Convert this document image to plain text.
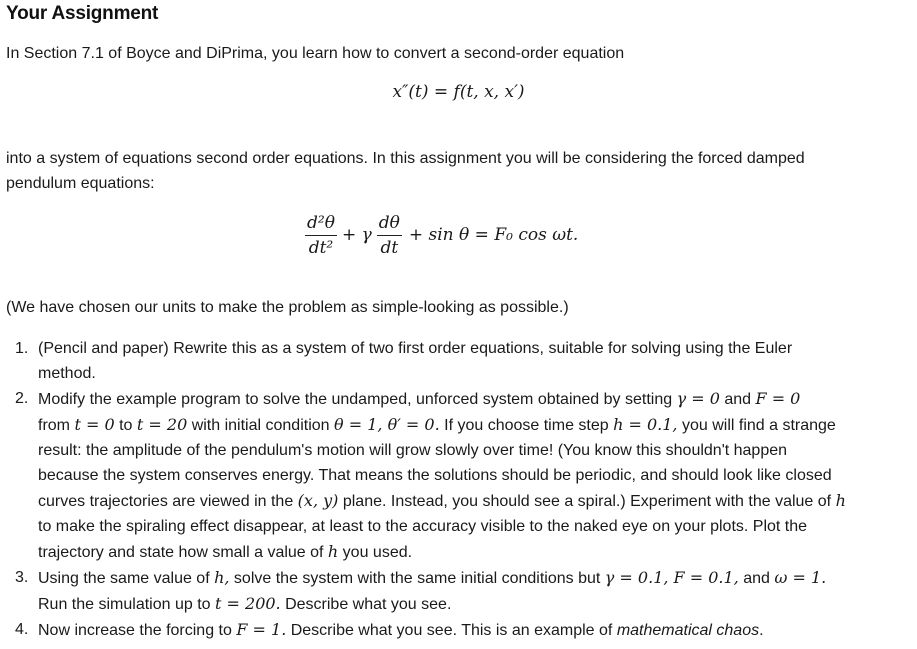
Your Assignment
In Section 7.1 of Boyce and DiPrima, you learn how to convert a second-order equation
x″(t) = f(t, x, x′)
into a system of equations second order equations. In this assignment you will be considering the forced damped
pendulum equations:
$\frac{\text{d²θ}}{\text{dt²}} + \gamma \frac{d\theta}{dt} + \sin \theta = F_0$ cos ωt.
(We have chosen our units to make the problem as simple-looking as possible.)
1. (Pencil and paper) Rewrite this as a system of two first order equations, suitable for solving using the Euler
method.
2. Modify the example program to solve the undamped, unforced system obtained by setting γ = 0 and F = 0
from t = 0 to t = 20 with initial condition θ = 1, θ′ = 0. If you choose time step h = 0.1, you will find a strange
result: the amplitude of the pendulum's motion will grow slowly over time! (You know this shouldn't happen
because the system conserves energy. That means the solutions should be periodic, and should look like closed
curves trajectories are viewed in the (x, y) plane. Instead, you should see a spiral.) Experiment with the value of h
to make the spiraling effect disappear, at least to the accuracy visible to the naked eye on your plots. Plot the
trajectory and state how small a value of h you used.
3. Using the same value of h, solve the system with the same initial conditions but γ = 0.1, F = 0.1, and ω = 1.
Run the simulation up to t = 200. Describe what you see.
4. Now increase the forcing to F = 1. Describe what you see. This is an example of mathematical chaos.
